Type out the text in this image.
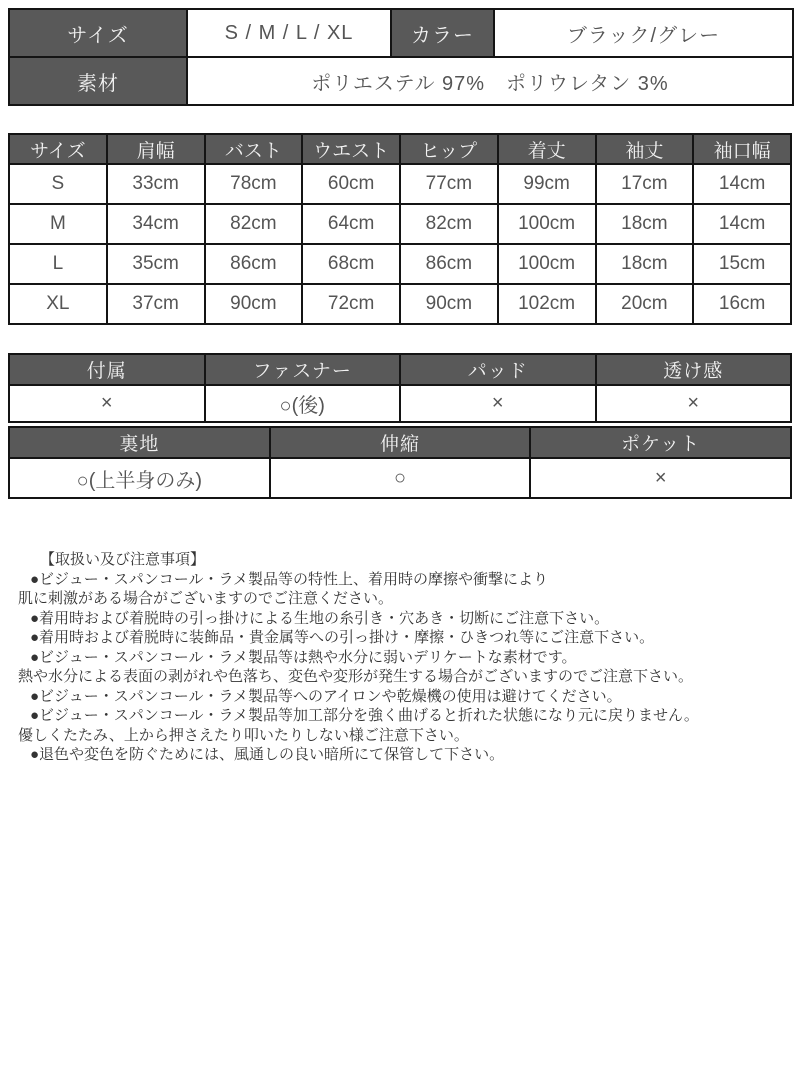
サイズ	S / M / L / XL	カラー	ブラック/グレー
素材	ポリエステル 97%　ポリウレタン 3%		
サイズ	肩幅	バスト	ウエスト	ヒップ	着丈	袖丈	袖口幅
S	33cm	78cm	60cm	77cm	99cm	17cm	14cm
M	34cm	82cm	64cm	82cm	100cm	18cm	14cm
L	35cm	86cm	68cm	86cm	100cm	18cm	15cm
XL	37cm	90cm	72cm	90cm	102cm	20cm	16cm
付属	ファスナー	パッド	透け感
×	○(後)	×	×
裏地	伸縮	ポケット
○(上半身のみ)	○	×
【取扱い及び注意事項】
●ビジュー・スパンコール・ラメ製品等の特性上、着用時の摩擦や衝撃により
肌に刺激がある場合がございますのでご注意ください。
●着用時および着脱時の引っ掛けによる生地の糸引き・穴あき・切断にご注意下さい。
●着用時および着脱時に装飾品・貴金属等への引っ掛け・摩擦・ひきつれ等にご注意下さい。
●ビジュー・スパンコール・ラメ製品等は熱や水分に弱いデリケートな素材です。
熱や水分による表面の剥がれや色落ち、変色や変形が発生する場合がございますのでご注意下さい。
●ビジュー・スパンコール・ラメ製品等へのアイロンや乾燥機の使用は避けてください。
●ビジュー・スパンコール・ラメ製品等加工部分を強く曲げると折れた状態になり元に戻りません。
優しくたたみ、上から押さえたり叩いたりしない様ご注意下さい。
●退色や変色を防ぐためには、風通しの良い暗所にて保管して下さい。
